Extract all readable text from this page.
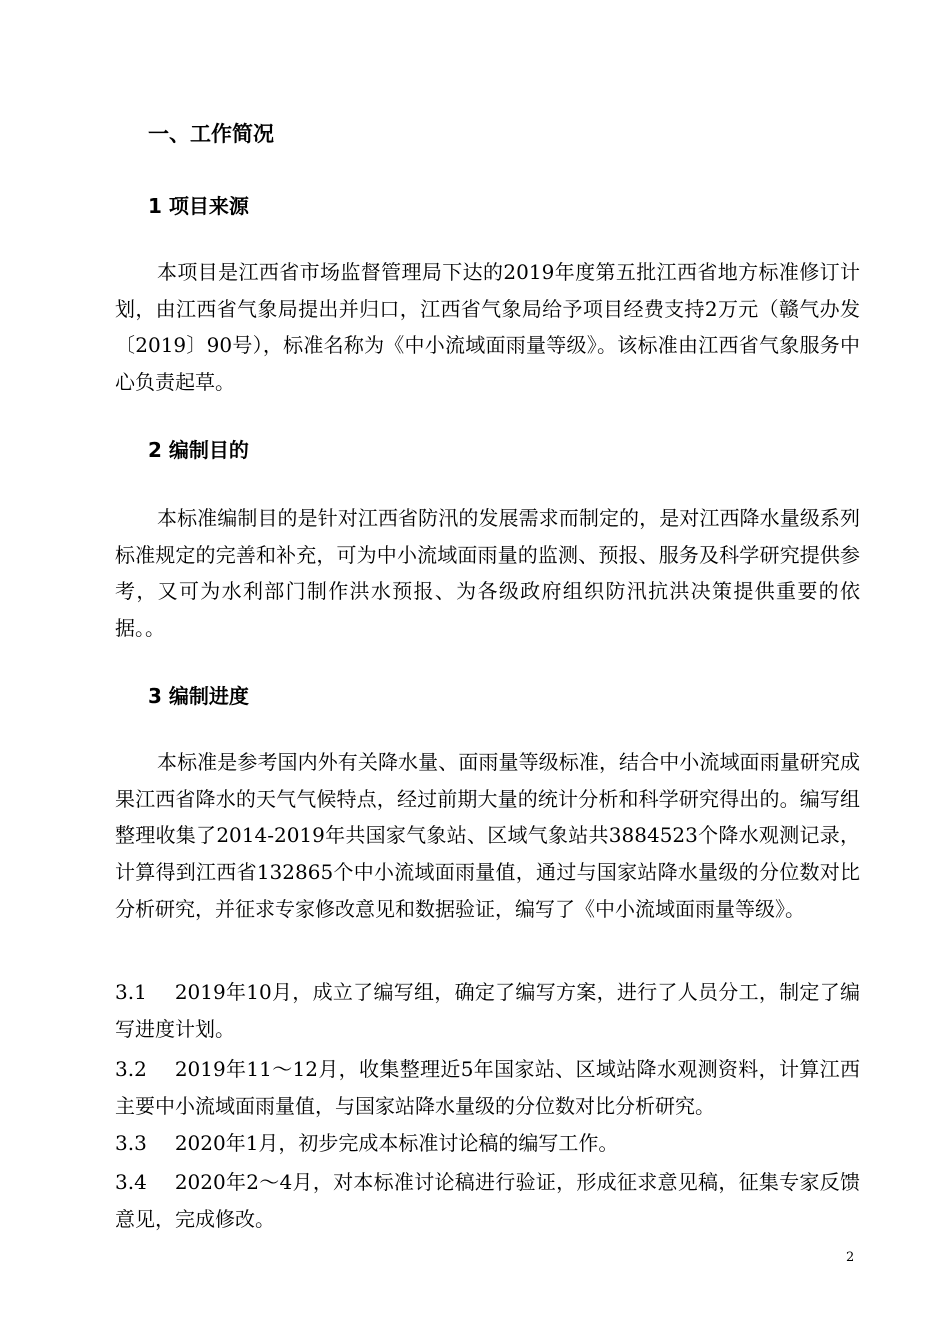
一、工作简况
1 项目来源

本项目是江西省市场监督管理局下达的2019年度第五批江西省地方标准修订计划，由江西省气象局提出并归口，江西省气象局给予项目经费支持2万元（赣气办发〔2019〕90号），标准名称为《中小流域面雨量等级》。该标准由江西省气象服务中心负责起草。

2 编制目的

本标准编制目的是针对江西省防汛的发展需求而制定的，是对江西降水量级系列标准规定的完善和补充，可为中小流域面雨量的监测、预报、服务及科学研究提供参考，又可为水利部门制作洪水预报、为各级政府组织防汛抗洪决策提供重要的依据。。

3 编制进度

本标准是参考国内外有关降水量、面雨量等级标准，结合中小流域面雨量研究成果江西省降水的天气气候特点，经过前期大量的统计分析和科学研究得出的。编写组整理收集了2014-2019年共国家气象站、区域气象站共3884523个降水观测记录，计算得到江西省132865个中小流域面雨量值，通过与国家站降水量级的分位数对比分析研究，并征求专家修改意见和数据验证，编写了《中小流域面雨量等级》。

3.1 2019年10月，成立了编写组，确定了编写方案，进行了人员分工，制定了编写进度计划。

3.2 2019年11～12月，收集整理近5年国家站、区域站降水观测资料，计算江西主要中小流域面雨量值，与国家站降水量级的分位数对比分析研究。

3.3 2020年1月，初步完成本标准讨论稿的编写工作。

3.4 2020年2～4月，对本标准讨论稿进行验证，形成征求意见稿，征集专家反馈意见，完成修改。

2
